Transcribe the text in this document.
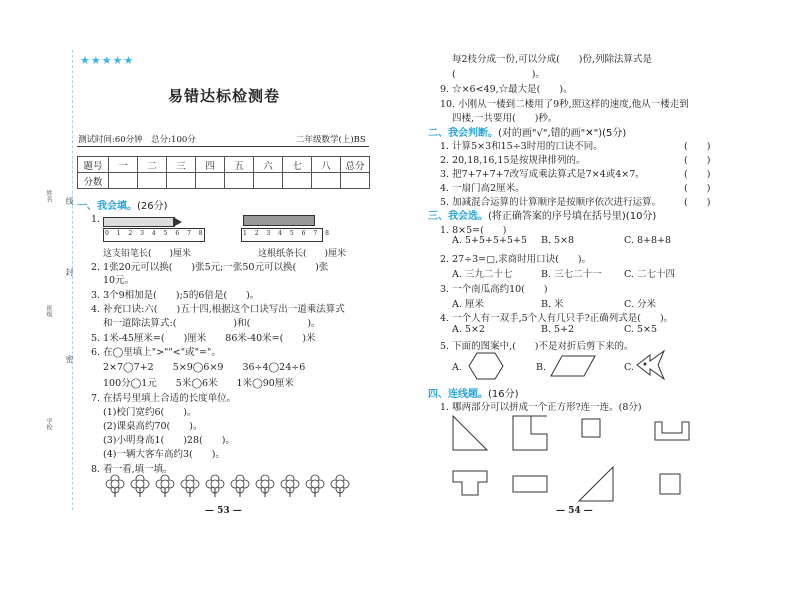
★★★★★
易错达标检测卷
测试时间:60分钟　总分:100分	二年级数学(上)BS
题号	一	二	三	四	五	六	七	八	总分
分数									
姓名
班级
学校
密
封
线 一、我会填。(26分)
1.
0 1 2 3 4 5 6 7 8
这支铅笔长(　　)厘米
1 2 3 4 5 6 7 8
这根纸条长(　　)厘米
2. 1张20元可以换(　　)张5元;一张50元可以换(　　)张
10元。
3. 3个9相加是(　　);5的6倍是(　　)。
4. 补充口诀:六(　　)五十四,根据这个口诀写出一道乘法算式
和一道除法算式:(　　　　　　)和(　　　　　　)。
5. 1米-45厘米=(　　)厘米　　86米-40米=(　　)米
6. 在◯里填上">""<"或"="。
2×7◯7+2　　5×9◯6×9　　36÷4◯24÷6
100分◯1元　　5米◯6米　　1米◯90厘米
7. 在括号里填上合适的长度单位。
(1)校门宽约6(　　)。
(2)课桌高约70(　　)。
(3)小明身高1(　　)28(　　)。
(4)一辆大客车高约3(　　)。
8. 看一看,填一填。
— 53 —
每2枝分成一份,可以分成(　　)份,列除法算式是
(　　　　　　　　)。
9. ☆×6<49,☆最大是(　　)。
10. 小刚从一楼到二楼用了9秒,照这样的速度,他从一楼走到
四楼,一共要用(　　)秒。
二、我会判断。(对的画"√",错的画"✕")(5分)
1. 计算5×3和15÷3时用的口诀不同。
2. 20,18,16,15是按规律排列的。
3. 把7+7+7+7改写成乘法算式是7×4或4×7。
4. 一扇门高2厘米。
5. 加减混合运算的计算顺序是按顺序依次进行运算。
(　　)
(　　)
(　　)
(　　)
(　　)
三、我会选。(将正确答案的序号填在括号里)(10分)
1. 8×5=(　　)
A. 5+5+5+5+5 B. 5×8	C. 8+8+8
2. 27÷3=▢,求商时用口诀(　　)。
A. 三九二十七	B. 三七二十一 C. 二七十四
3. 一个南瓜高约10(　　)
A. 厘米	B. 米	C. 分米
4. 一个人有一双手,5个人有几只手?正确列式是(　　)。
A. 5×2	B. 5+2	C. 5×5
5. 下面的图案中,(　　)不是对折后剪下来的。
A.	B.	C.
四、连线题。(16分)
1. 哪两部分可以拼成一个正方形?连一连。(8分)
— 54 —
